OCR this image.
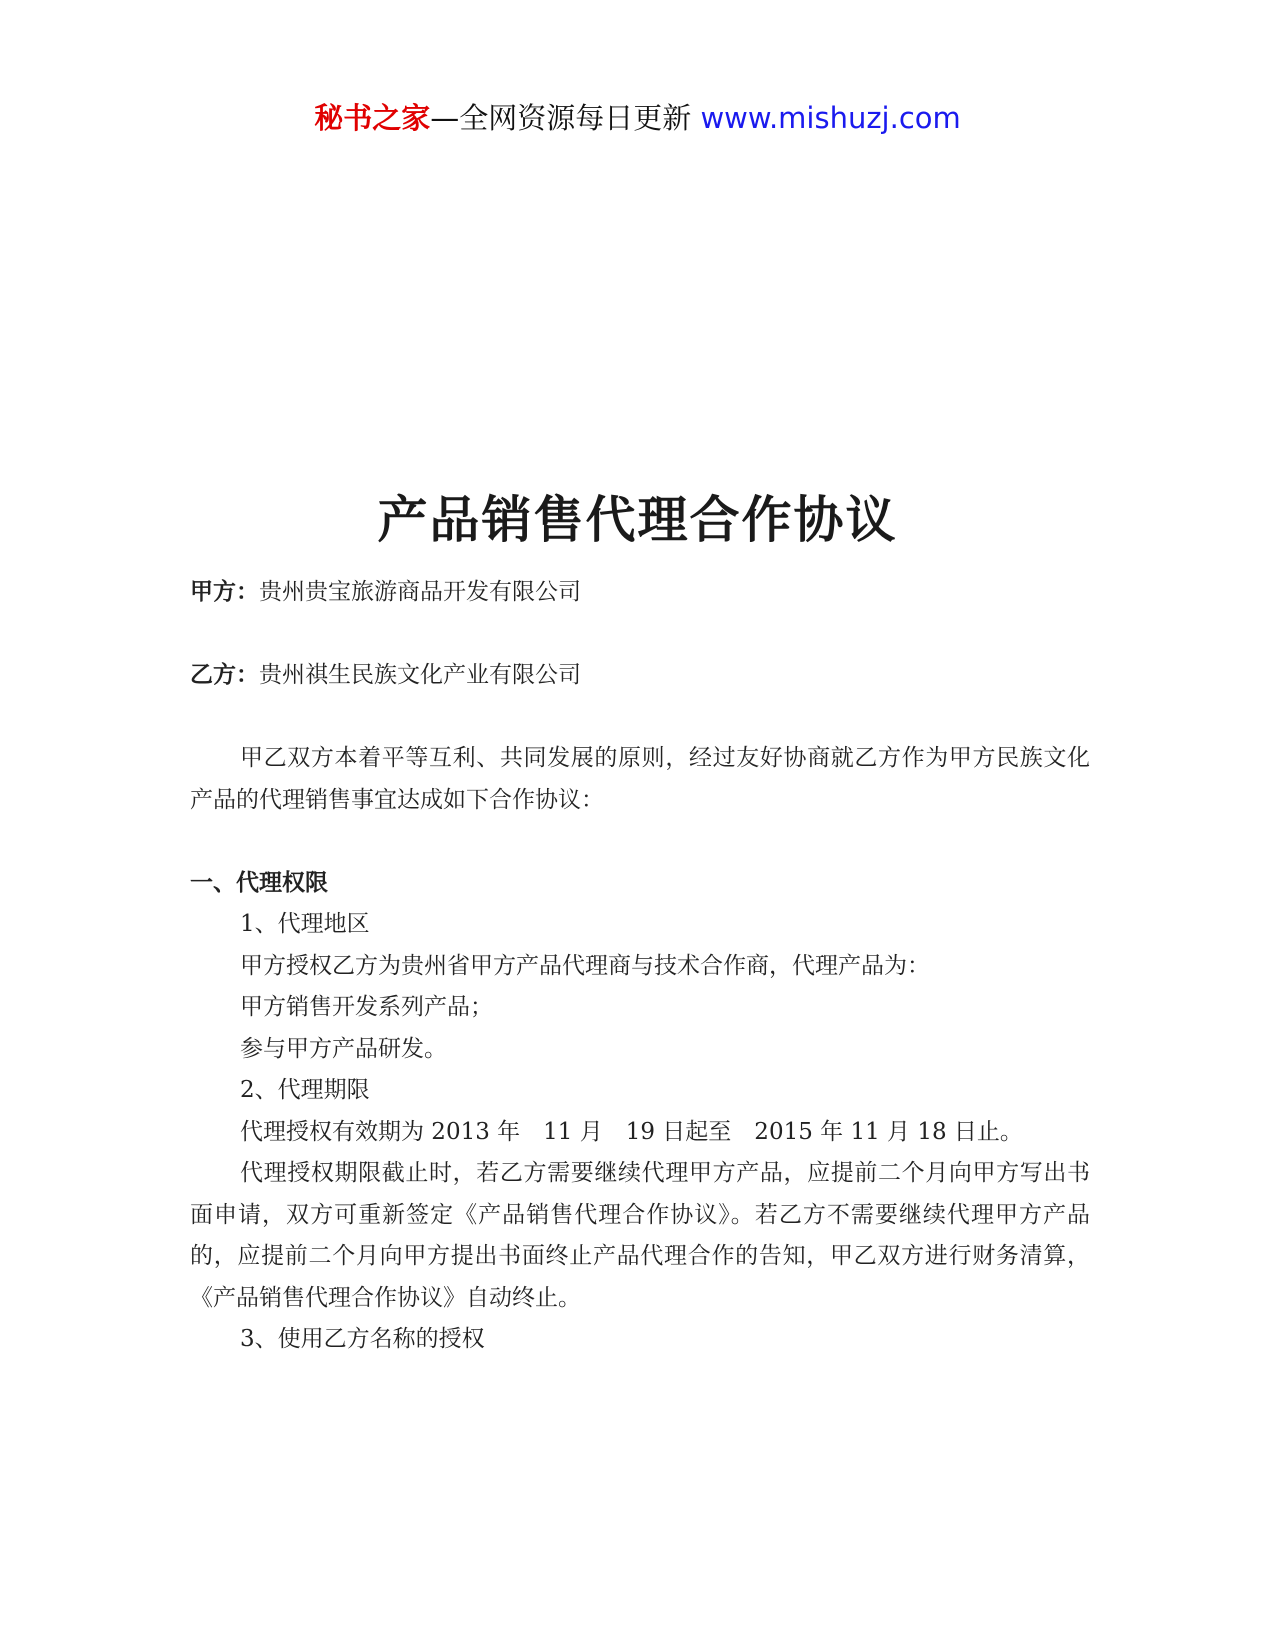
秘书之家—全网资源每日更新 www.mishuzj.com
产品销售代理合作协议

甲方：贵州贵宝旅游商品开发有限公司

乙方：贵州祺生民族文化产业有限公司

甲乙双方本着平等互利、共同发展的原则，经过友好协商就乙方作为甲方民族文化产品的代理销售事宜达成如下合作协议：

一、代理权限

1、代理地区

甲方授权乙方为贵州省甲方产品代理商与技术合作商，代理产品为：

甲方销售开发系列产品；

参与甲方产品研发。

2、代理期限

代理授权有效期为 2013 年　11 月　19 日起至　2015 年 11 月 18 日止。

代理授权期限截止时，若乙方需要继续代理甲方产品，应提前二个月向甲方写出书面申请，双方可重新签定《产品销售代理合作协议》。若乙方不需要继续代理甲方产品的，应提前二个月向甲方提出书面终止产品代理合作的告知，甲乙双方进行财务清算，《产品销售代理合作协议》自动终止。

3、使用乙方名称的授权
